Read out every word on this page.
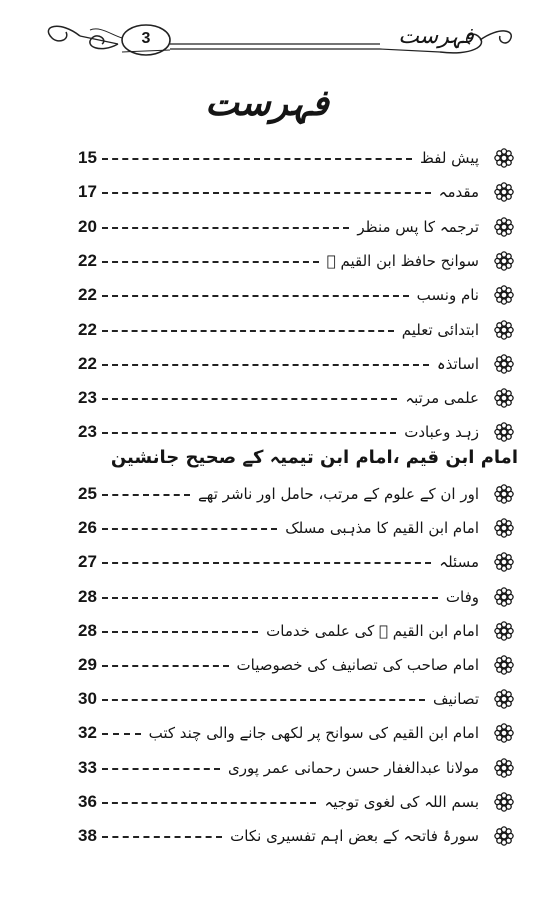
3	فہرست
فہرست
امام ابن قیم ،امام ابن تیمیہ کے صحیح جانشین
15	پیش لفظ
17	مقدمہ
20	ترجمہ کا پس منظر
22	سوانح حافظ ابن القیم ﷫
22	نام ونسب
22	ابتدائی تعلیم
22	اساتذہ
23	علمی مرتبہ
23	زہد وعبادت
25	اور ان کے علوم کے مرتب، حامل اور ناشر تھے
26	امام ابن القیم کا مذہبی مسلک
27	مسئلہ
28	وفات
28	امام ابن القیم ﷫ کی علمی خدمات
29	امام صاحب کی تصانیف کی خصوصیات
30	تصانیف
32	امام ابن القیم کی سوانح پر لکھی جانے والی چند کتب
33	مولانا عبدالغفار حسن رحمانی عمر پوری
36	بسم اللہ کی لغوی توجیہ
38	سورۂ فاتحہ کے بعض اہم تفسیری نکات
